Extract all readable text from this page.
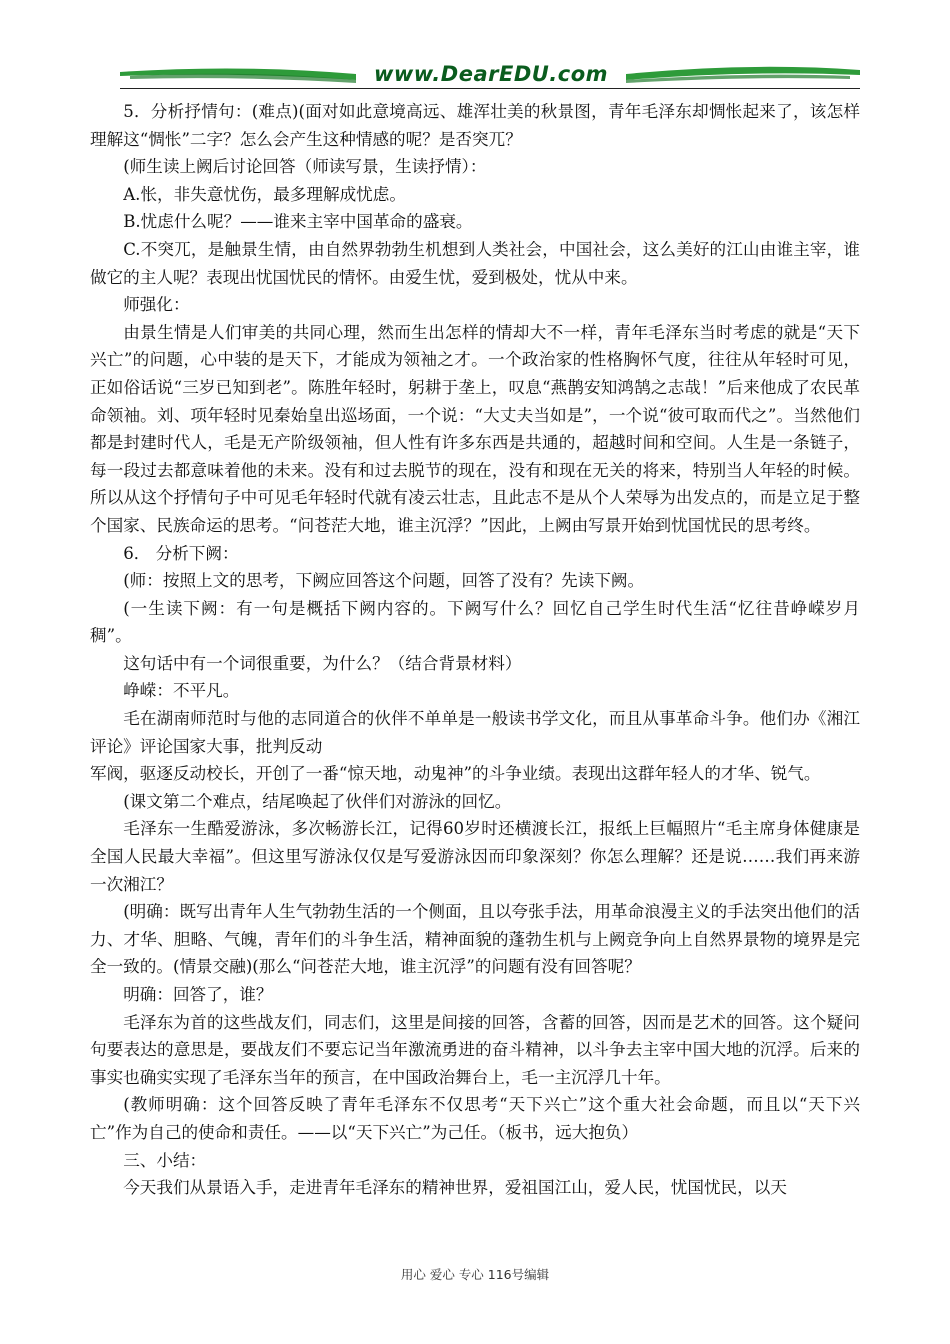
www.DearEDU.com

5．分析抒情句：(难点)(面对如此意境高远、雄浑壮美的秋景图，青年毛泽东却惆怅起来了，该怎样理解这“惆怅”二字？怎么会产生这种情感的呢？是否突兀？

(师生读上阙后讨论回答（师读写景，生读抒情）：

A.怅，非失意忧伤，最多理解成忧虑。

B.忧虑什么呢？——谁来主宰中国革命的盛衰。

C.不突兀，是触景生情，由自然界勃勃生机想到人类社会，中国社会，这么美好的江山由谁主宰，谁做它的主人呢？表现出忧国忧民的情怀。由爱生忧，爱到极处，忧从中来。

师强化：

由景生情是人们审美的共同心理，然而生出怎样的情却大不一样，青年毛泽东当时考虑的就是“天下兴亡”的问题，心中装的是天下，才能成为领袖之才。一个政治家的性格胸怀气度，往往从年轻时可见，正如俗话说“三岁已知到老”。陈胜年轻时，躬耕于垄上，叹息“燕鹊安知鸿鹄之志哉！”后来他成了农民革命领袖。刘、项年轻时见秦始皇出巡场面，一个说：“大丈夫当如是”，一个说“彼可取而代之”。当然他们都是封建时代人，毛是无产阶级领袖，但人性有许多东西是共通的，超越时间和空间。人生是一条链子，每一段过去都意味着他的未来。没有和过去脱节的现在，没有和现在无关的将来，特别当人年轻的时候。所以从这个抒情句子中可见毛年轻时代就有凌云壮志，且此志不是从个人荣辱为出发点的，而是立足于整个国家、民族命运的思考。“问苍茫大地，谁主沉浮？”因此，上阙由写景开始到忧国忧民的思考终。

6． 分析下阙：

(师：按照上文的思考，下阙应回答这个问题，回答了没有？先读下阙。

(一生读下阙：有一句是概括下阙内容的。下阙写什么？回忆自己学生时代生活“忆往昔峥嵘岁月稠”。

这句话中有一个词很重要，为什么？（结合背景材料）

峥嵘：不平凡。

毛在湖南师范时与他的志同道合的伙伴不单单是一般读书学文化，而且从事革命斗争。他们办《湘江评论》评论国家大事，批判反动

军阀，驱逐反动校长，开创了一番“惊天地，动鬼神”的斗争业绩。表现出这群年轻人的才华、锐气。

(课文第二个难点，结尾唤起了伙伴们对游泳的回忆。

毛泽东一生酷爱游泳，多次畅游长江，记得60岁时还横渡长江，报纸上巨幅照片“毛主席身体健康是全国人民最大幸福”。但这里写游泳仅仅是写爱游泳因而印象深刻？你怎么理解？还是说……我们再来游一次湘江？

(明确：既写出青年人生气勃勃生活的一个侧面，且以夸张手法，用革命浪漫主义的手法突出他们的活力、才华、胆略、气魄，青年们的斗争生活，精神面貌的蓬勃生机与上阙竞争向上自然界景物的境界是完全一致的。(情景交融)(那么“问苍茫大地，谁主沉浮”的问题有没有回答呢？

明确：回答了，谁？

毛泽东为首的这些战友们，同志们，这里是间接的回答，含蓄的回答，因而是艺术的回答。这个疑问句要表达的意思是，要战友们不要忘记当年激流勇进的奋斗精神，以斗争去主宰中国大地的沉浮。后来的事实也确实实现了毛泽东当年的预言，在中国政治舞台上，毛一主沉浮几十年。

(教师明确：这个回答反映了青年毛泽东不仅思考“天下兴亡”这个重大社会命题，而且以“天下兴亡”作为自己的使命和责任。——以“天下兴亡”为己任。（板书，远大抱负）

三、小结：

今天我们从景语入手，走进青年毛泽东的精神世界，爱祖国江山，爱人民，忧国忧民，以天

用心 爱心 专心 116号编辑
